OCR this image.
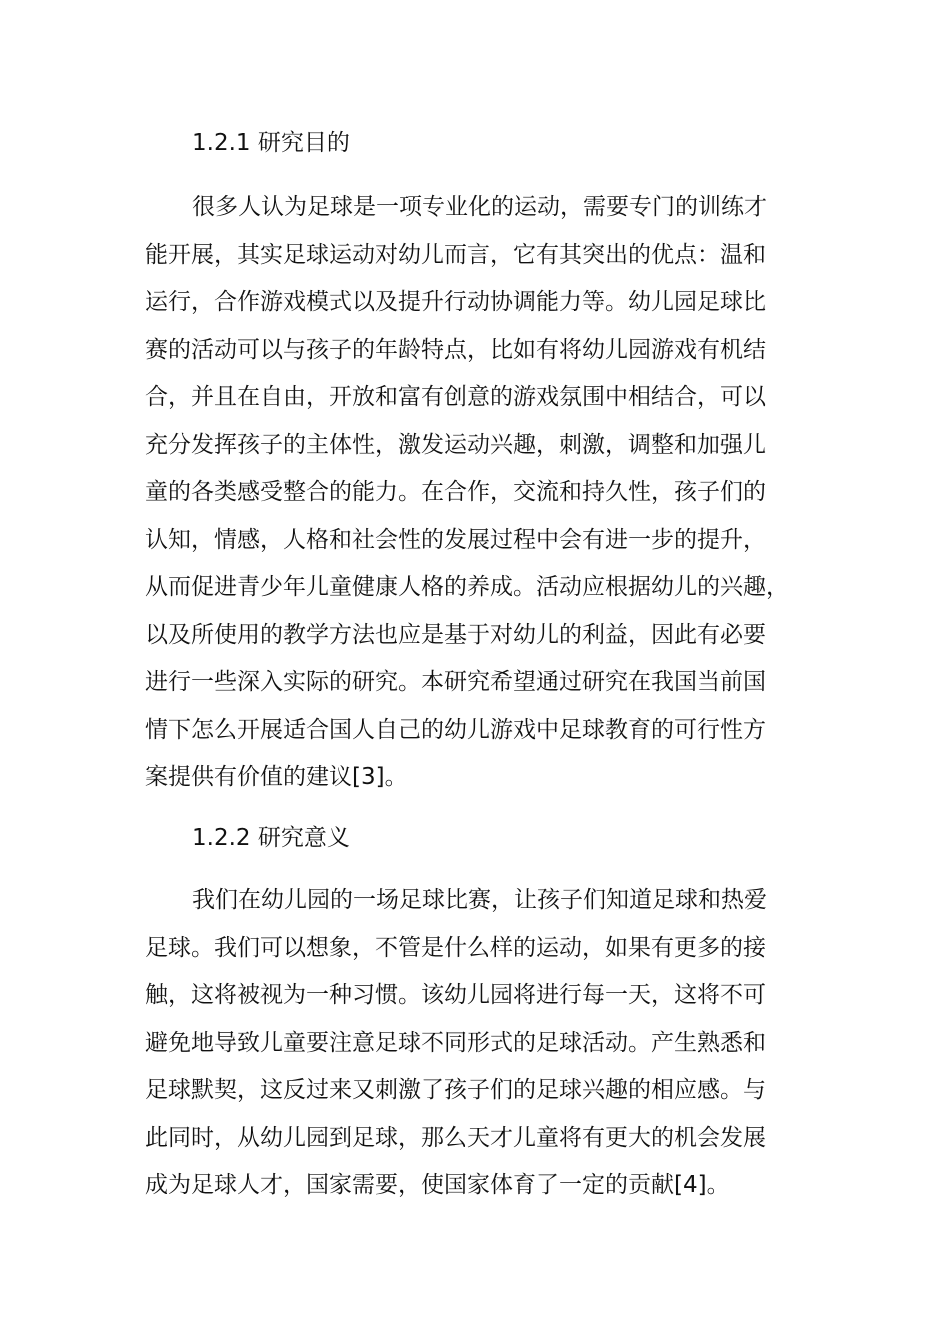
1.2.1 研究目的
很多人认为足球是一项专业化的运动，需要专门的训练才
能开展，其实足球运动对幼儿而言，它有其突出的优点：温和
运行，合作游戏模式以及提升行动协调能力等。幼儿园足球比
赛的活动可以与孩子的年龄特点，比如有将幼儿园游戏有机结
合，并且在自由，开放和富有创意的游戏氛围中相结合，可以
充分发挥孩子的主体性，激发运动兴趣，刺激，调整和加强儿
童的各类感受整合的能力。在合作，交流和持久性，孩子们的
认知，情感，人格和社会性的发展过程中会有进一步的提升，
从而促进青少年儿童健康人格的养成。活动应根据幼儿的兴趣，
以及所使用的教学方法也应是基于对幼儿的利益，因此有必要
进行一些深入实际的研究。本研究希望通过研究在我国当前国
情下怎么开展适合国人自己的幼儿游戏中足球教育的可行性方
案提供有价值的建议[3]。
1.2.2 研究意义
我们在幼儿园的一场足球比赛，让孩子们知道足球和热爱
足球。我们可以想象，不管是什么样的运动，如果有更多的接
触，这将被视为一种习惯。该幼儿园将进行每一天，这将不可
避免地导致儿童要注意足球不同形式的足球活动。产生熟悉和
足球默契，这反过来又刺激了孩子们的足球兴趣的相应感。与
此同时，从幼儿园到足球，那么天才儿童将有更大的机会发展
成为足球人才，国家需要，使国家体育了一定的贡献[4]。
